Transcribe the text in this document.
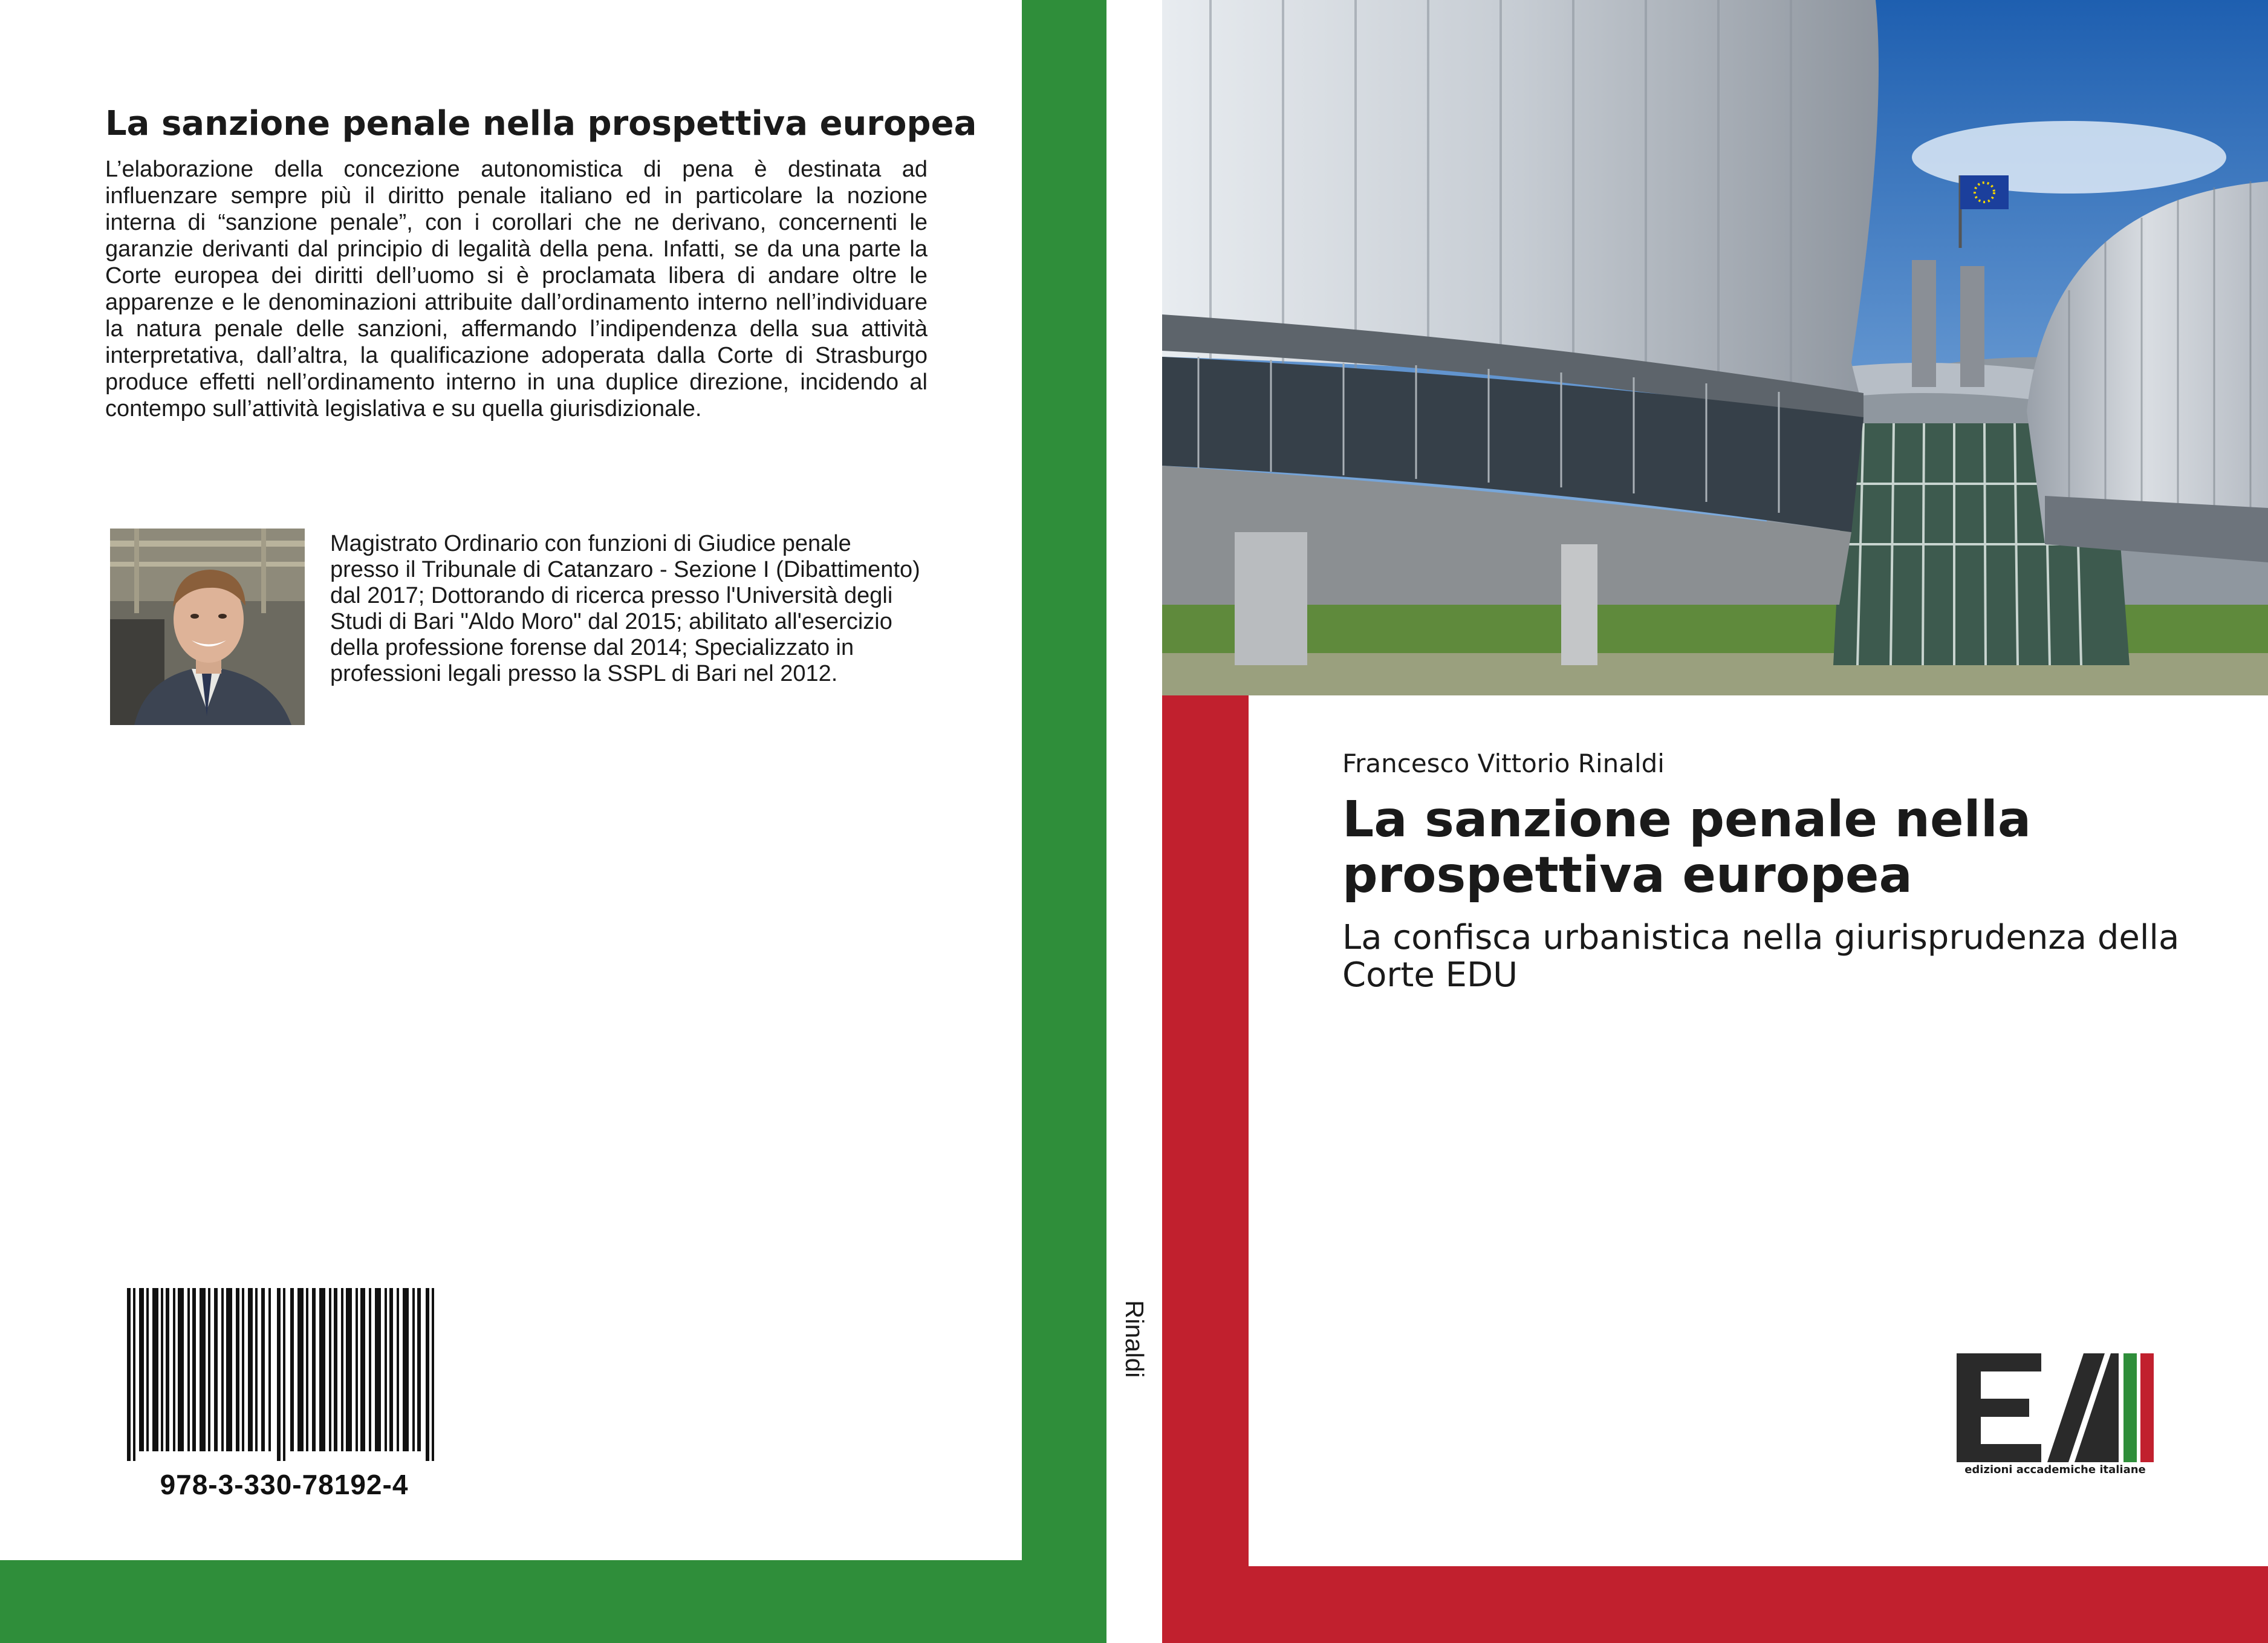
La sanzione penale nella prospettiva europea
L’elaborazione della concezione autonomistica di pena è destinata ad influenzare sempre più il diritto penale italiano ed in particolare la nozione interna di “sanzione penale”, con i corollari che ne derivano, concernenti le garanzie derivanti dal principio di legalità della pena. Infatti, se da una parte la Corte europea dei diritti dell’uomo si è proclamata libera di andare oltre le apparenze e le denominazioni attribuite dall’ordinamento interno nell’individuare la natura penale delle sanzioni, affermando l’indipendenza della sua attività interpretativa, dall’altra, la qualificazione adoperata dalla Corte di Strasburgo produce effetti nell’ordinamento interno in una duplice direzione, incidendo al contempo sull’attività legislativa e su quella giurisdizionale.
Magistrato Ordinario con funzioni di Giudice penale presso il Tribunale di Catanzaro - Sezione I (Dibattimento) dal 2017; Dottorando di ricerca presso l'Università degli Studi di Bari "Aldo Moro" dal 2015; abilitato all'esercizio della professione forense dal 2014; Specializzato in professioni legali presso la SSPL di Bari nel 2012.
978-3-330-78192-4
Rinaldi
Francesco Vittorio Rinaldi
La sanzione penale nella prospettiva europea
La confisca urbanistica nella giurisprudenza della Corte EDU
edizioni accademiche italiane
